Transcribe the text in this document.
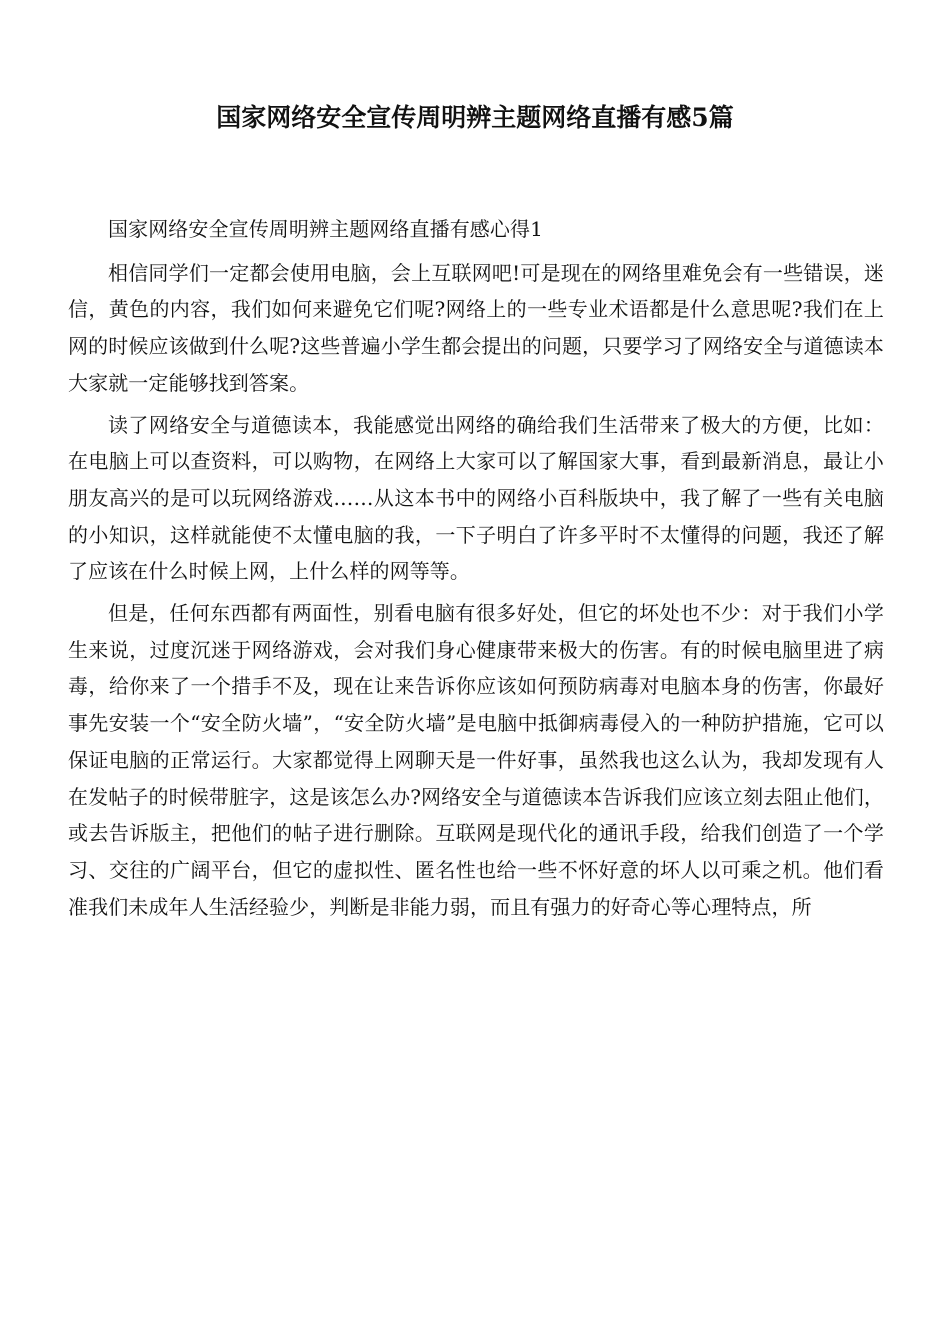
国家网络安全宣传周明辨主题网络直播有感5篇

国家网络安全宣传周明辨主题网络直播有感心得1

相信同学们一定都会使用电脑，会上互联网吧!可是现在的网络里难免会有一些错误，迷信，黄色的内容，我们如何来避免它们呢?网络上的一些专业术语都是什么意思呢?我们在上网的时候应该做到什么呢?这些普遍小学生都会提出的问题，只要学习了网络安全与道德读本大家就一定能够找到答案。

读了网络安全与道德读本，我能感觉出网络的确给我们生活带来了极大的方便，比如：在电脑上可以查资料，可以购物，在网络上大家可以了解国家大事，看到最新消息，最让小朋友高兴的是可以玩网络游戏……从这本书中的网络小百科版块中，我了解了一些有关电脑的小知识，这样就能使不太懂电脑的我，一下子明白了许多平时不太懂得的问题，我还了解了应该在什么时候上网，上什么样的网等等。

但是，任何东西都有两面性，别看电脑有很多好处，但它的坏处也不少：对于我们小学生来说，过度沉迷于网络游戏，会对我们身心健康带来极大的伤害。有的时候电脑里进了病毒，给你来了一个措手不及，现在让来告诉你应该如何预防病毒对电脑本身的伤害，你最好事先安装一个“安全防火墙”，“安全防火墙”是电脑中抵御病毒侵入的一种防护措施，它可以保证电脑的正常运行。大家都觉得上网聊天是一件好事，虽然我也这么认为，我却发现有人在发帖子的时候带脏字，这是该怎么办?网络安全与道德读本告诉我们应该立刻去阻止他们，或去告诉版主，把他们的帖子进行删除。互联网是现代化的通讯手段，给我们创造了一个学习、交往的广阔平台，但它的虚拟性、匿名性也给一些不怀好意的坏人以可乘之机。他们看准我们未成年人生活经验少，判断是非能力弱，而且有强力的好奇心等心理特点，所
